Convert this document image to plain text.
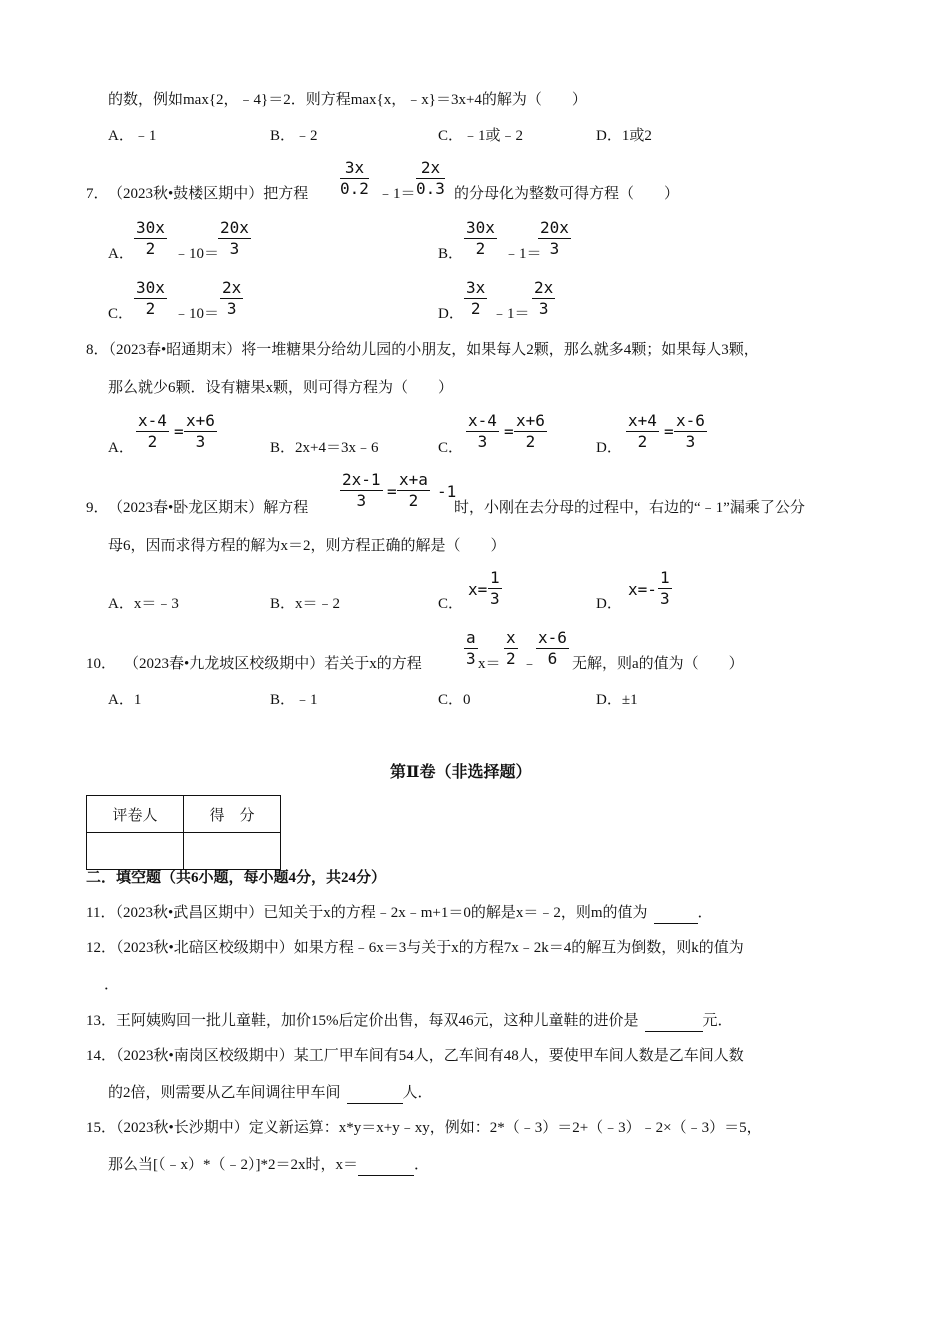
的数，例如max{2，﹣4}＝2．则方程max{x，﹣x}＝3x+4的解为（　　）
A．﹣1	B．﹣2	C．﹣1或﹣2	D．1或2
7． （2023秋•鼓楼区期中）把方程 $\frac{3x}{0.2}$ ﹣1＝ $\frac{2x}{0.3}$ 的分母化为整数可得方程（　　）
A． $\frac{30x}{2}$ ﹣10＝
$\frac{20x}{3}$	B． $\frac{30x}{2}$ ﹣1＝
$\frac{20x}{3}$
C． $\frac{30x}{2}$ ﹣10＝ $\frac{2x}{3}$	D． $\frac{3x}{2}$ ﹣1＝ $\frac{2x}{3}$
8．（2023春•昭通期末）将一堆糖果分给幼儿园的小朋友，如果每人2颗，那么就多4颗；如果每人3颗，
那么就少6颗．设有糖果x颗，则可得方程为（　　）
A． $\frac{x-4}{2} = \frac{x+6}{3}$	B．2x+4＝3x﹣6	C． $\frac{x-4}{3} = \frac{x+6}{2}$	D． $\frac{x+4}{2} = \frac{x-6}{3}$
9． （2023春•卧龙区期末）解方程 $\frac{2x-1}{3} = \frac{x+a}{2} -1$
时，小刚在去分母的过程中，右边的“﹣1”漏乘了公分
母6，因而求得方程的解为x＝2，则方程正确的解是（　　）
A．x＝﹣3	B．x＝﹣2	C．
$x= \frac{1}{3}$	D．
$x=- \frac{1}{3}$
10． （2023春•九龙坡区校级期中）若关于x的方程	$\frac{a}{3} x= \frac{x}{2}$ ﹣
$\frac{x-6}{6}$ 无解，则a的值为（　　）
A．1	B．﹣1	C．0	D．±1
第Ⅱ卷（非选择题）
评卷人	得　分

二．填空题（共6小题，每小题4分，共24分）
11．（2023秋•武昌区期中）已知关于x的方程﹣2x﹣m+1＝0的解是x＝﹣2，则m的值为	．
12．（2023秋•北碚区校级期中）如果方程﹣6x＝3与关于x的方程7x﹣2k＝4的解互为倒数，则k的值为
．
13．王阿姨购回一批儿童鞋，加价15%后定价出售，每双46元，这种儿童鞋的进价是	元．
14．（2023秋•南岗区校级期中）某工厂甲车间有54人，乙车间有48人，要使甲车间人数是乙车间人数
的2倍，则需要从乙车间调往甲车间	人．
15．（2023秋•长沙期中）定义新运算：x*y＝x+y﹣xy，例如：2*（﹣3）＝2+（﹣3）﹣2×（﹣3）＝5，
那么当[（﹣x）*（﹣2）]*2＝2x时，x＝	．
